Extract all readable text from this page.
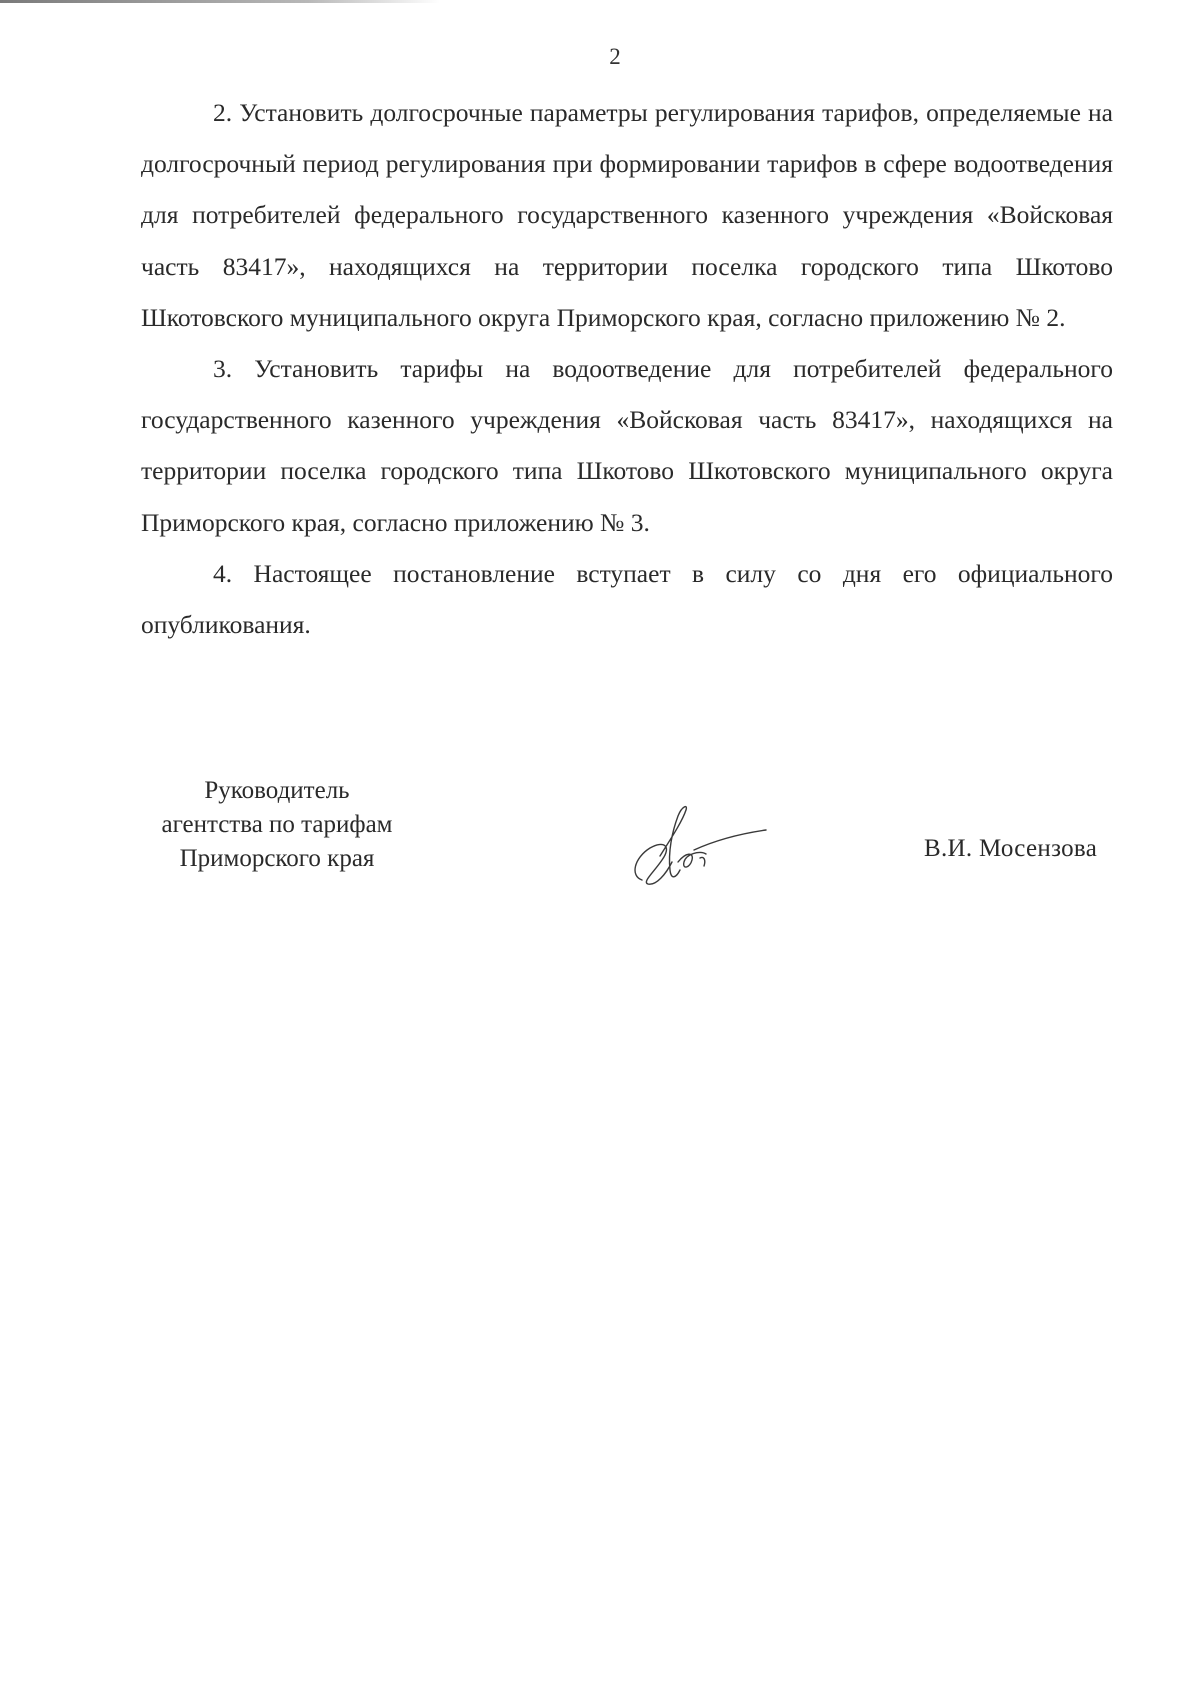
2

2. Установить долгосрочные параметры регулирования тарифов, определяемые на долгосрочный период регулирования при формировании тарифов в сфере водоотведения для потребителей федерального государственного казенного учреждения «Войсковая часть 83417», находящихся на территории поселка городского типа Шкотово Шкотовского муниципального округа Приморского края, согласно приложению № 2.

3. Установить тарифы на водоотведение для потребителей федерального государственного казенного учреждения «Войсковая часть 83417», находящихся на территории поселка городского типа Шкотово Шкотовского муниципального округа Приморского края, согласно приложению № 3.

4. Настоящее постановление вступает в силу со дня его официального опубликования.

Руководитель
агентства по тарифам
Приморского края	В.И. Мосензова
